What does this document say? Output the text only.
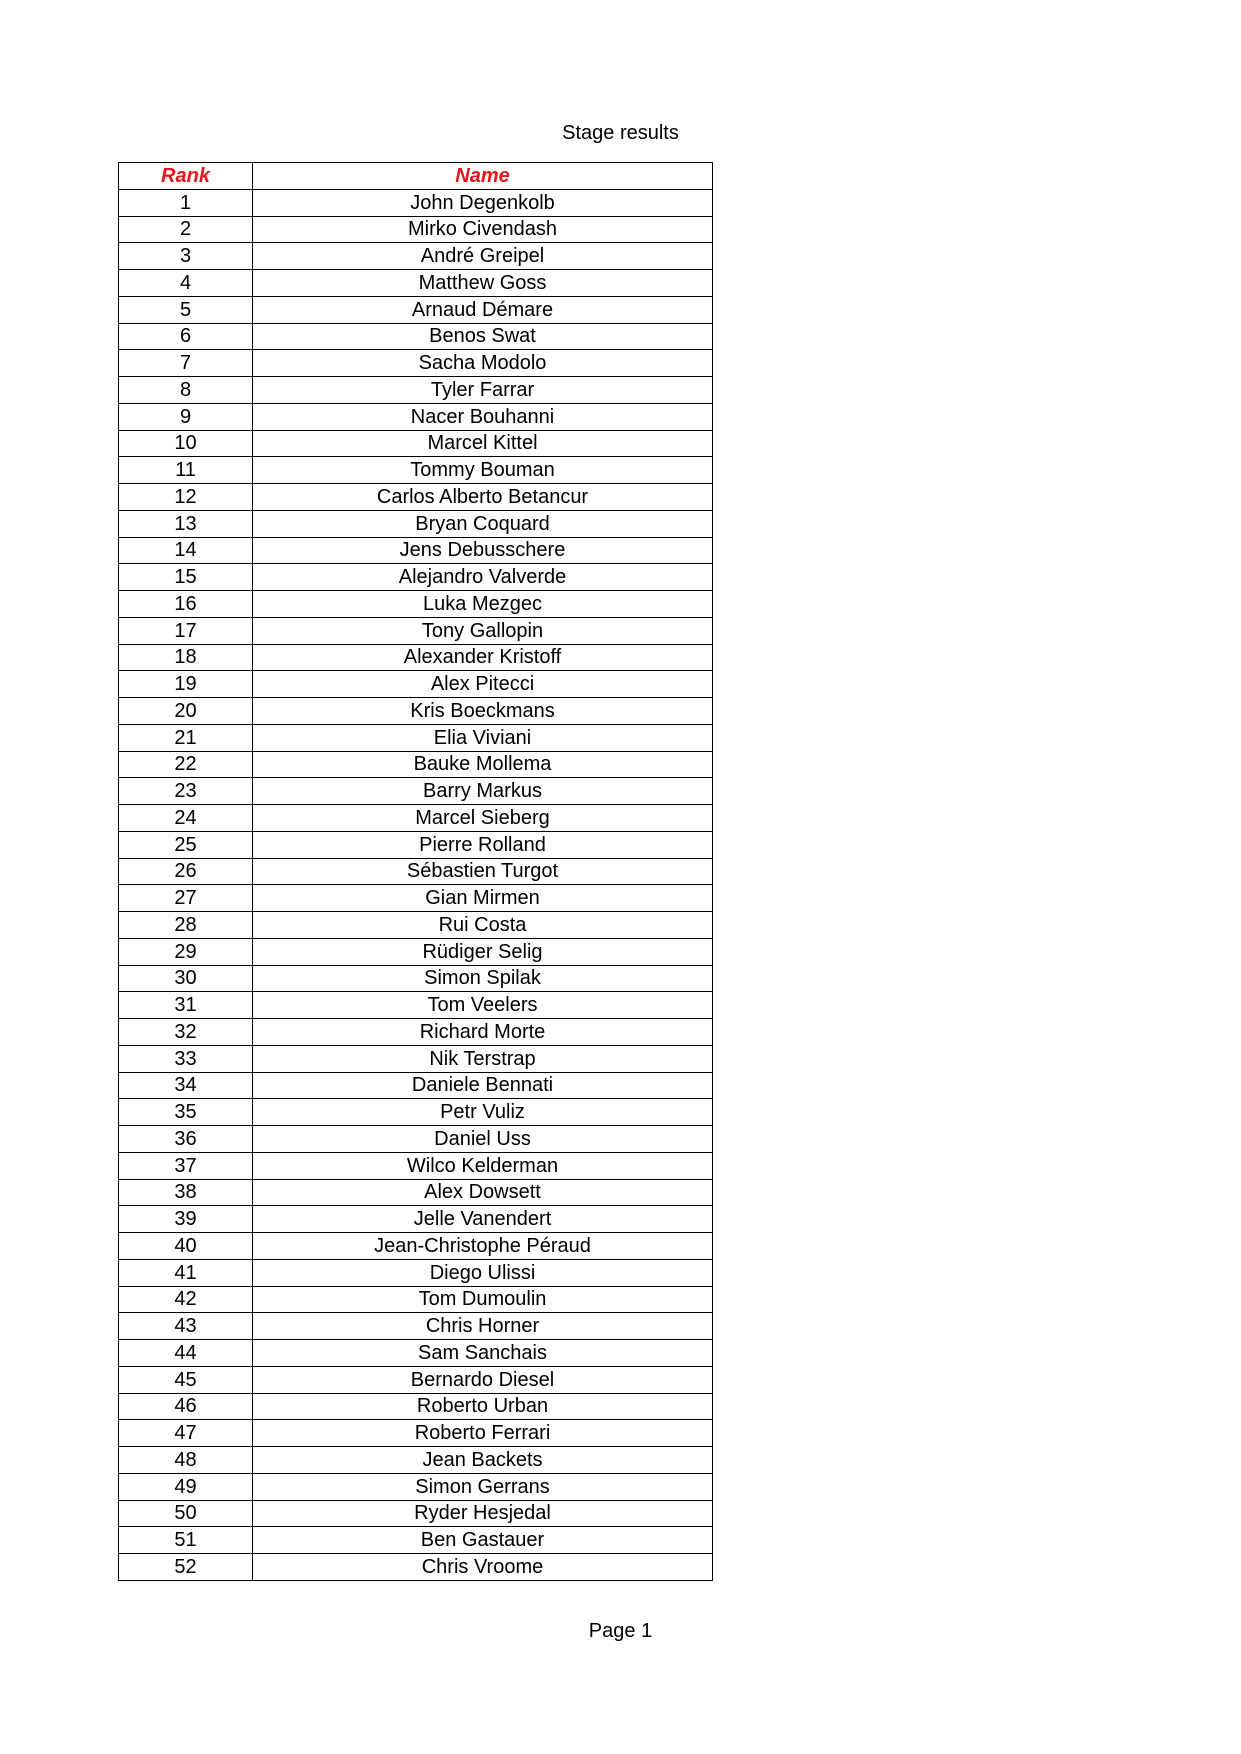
Stage results
Rank	Name
1	John Degenkolb
2	Mirko Civendash
3	André Greipel
4	Matthew Goss
5	Arnaud Démare
6	Benos Swat
7	Sacha Modolo
8	Tyler Farrar
9	Nacer Bouhanni
10	Marcel Kittel
11	Tommy Bouman
12	Carlos Alberto Betancur
13	Bryan Coquard
14	Jens Debusschere
15	Alejandro Valverde
16	Luka Mezgec
17	Tony Gallopin
18	Alexander Kristoff
19	Alex Pitecci
20	Kris Boeckmans
21	Elia Viviani
22	Bauke Mollema
23	Barry Markus
24	Marcel Sieberg
25	Pierre Rolland
26	Sébastien Turgot
27	Gian Mirmen
28	Rui Costa
29	Rüdiger Selig
30	Simon Spilak
31	Tom Veelers
32	Richard Morte
33	Nik Terstrap
34	Daniele Bennati
35	Petr Vuliz
36	Daniel Uss
37	Wilco Kelderman
38	Alex Dowsett
39	Jelle Vanendert
40	Jean-Christophe Péraud
41	Diego Ulissi
42	Tom Dumoulin
43	Chris Horner
44	Sam Sanchais
45	Bernardo Diesel
46	Roberto Urban
47	Roberto Ferrari
48	Jean Backets
49	Simon Gerrans
50	Ryder Hesjedal
51	Ben Gastauer
52	Chris Vroome
Page 1
